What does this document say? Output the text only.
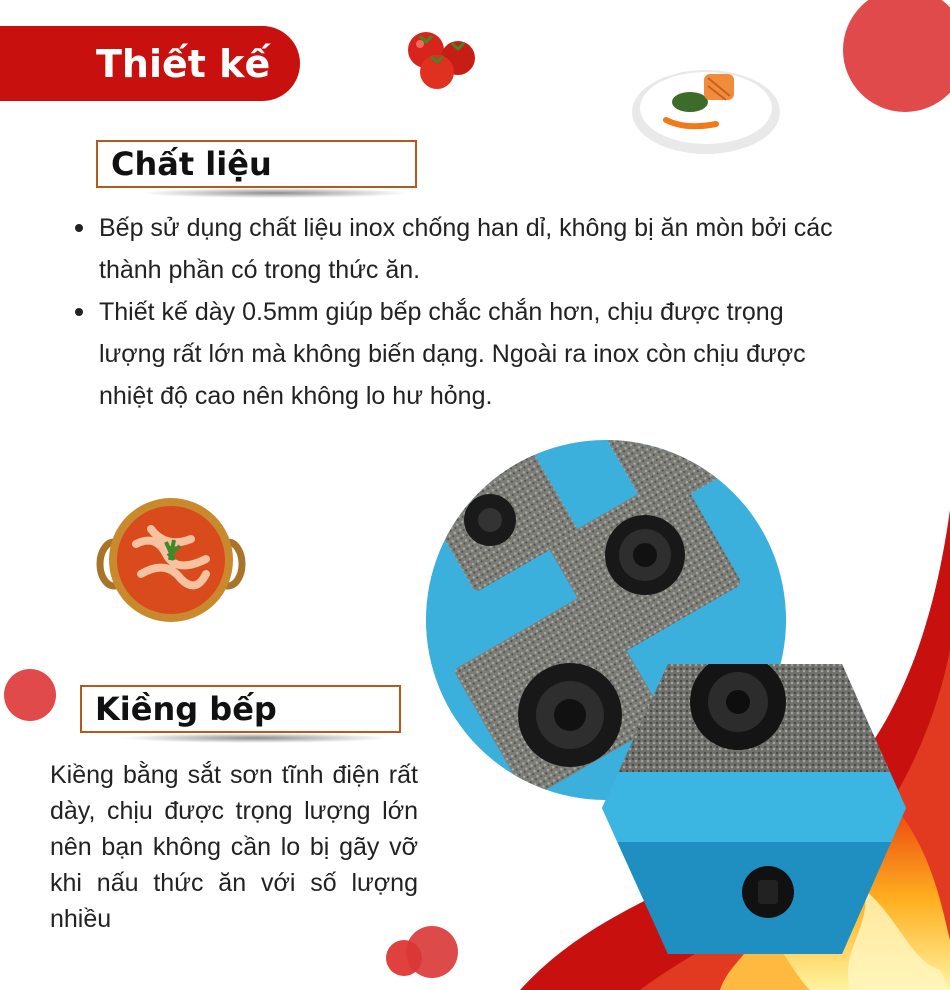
Thiết kế
Chất liệu
Bếp sử dụng chất liệu inox chống han dỉ, không bị ăn mòn bởi các thành phần có trong thức ăn.
Thiết kế dày 0.5mm giúp bếp chắc chắn hơn, chịu được trọng lượng rất lớn mà không biến dạng. Ngoài ra inox còn chịu được nhiệt độ cao nên không lo hư hỏng.
Kiềng bếp
Kiềng bằng sắt sơn tĩnh điện rất dày, chịu được trọng lượng lớn nên bạn không cần lo bị gãy vỡ khi nấu thức ăn với số lượng nhiều
